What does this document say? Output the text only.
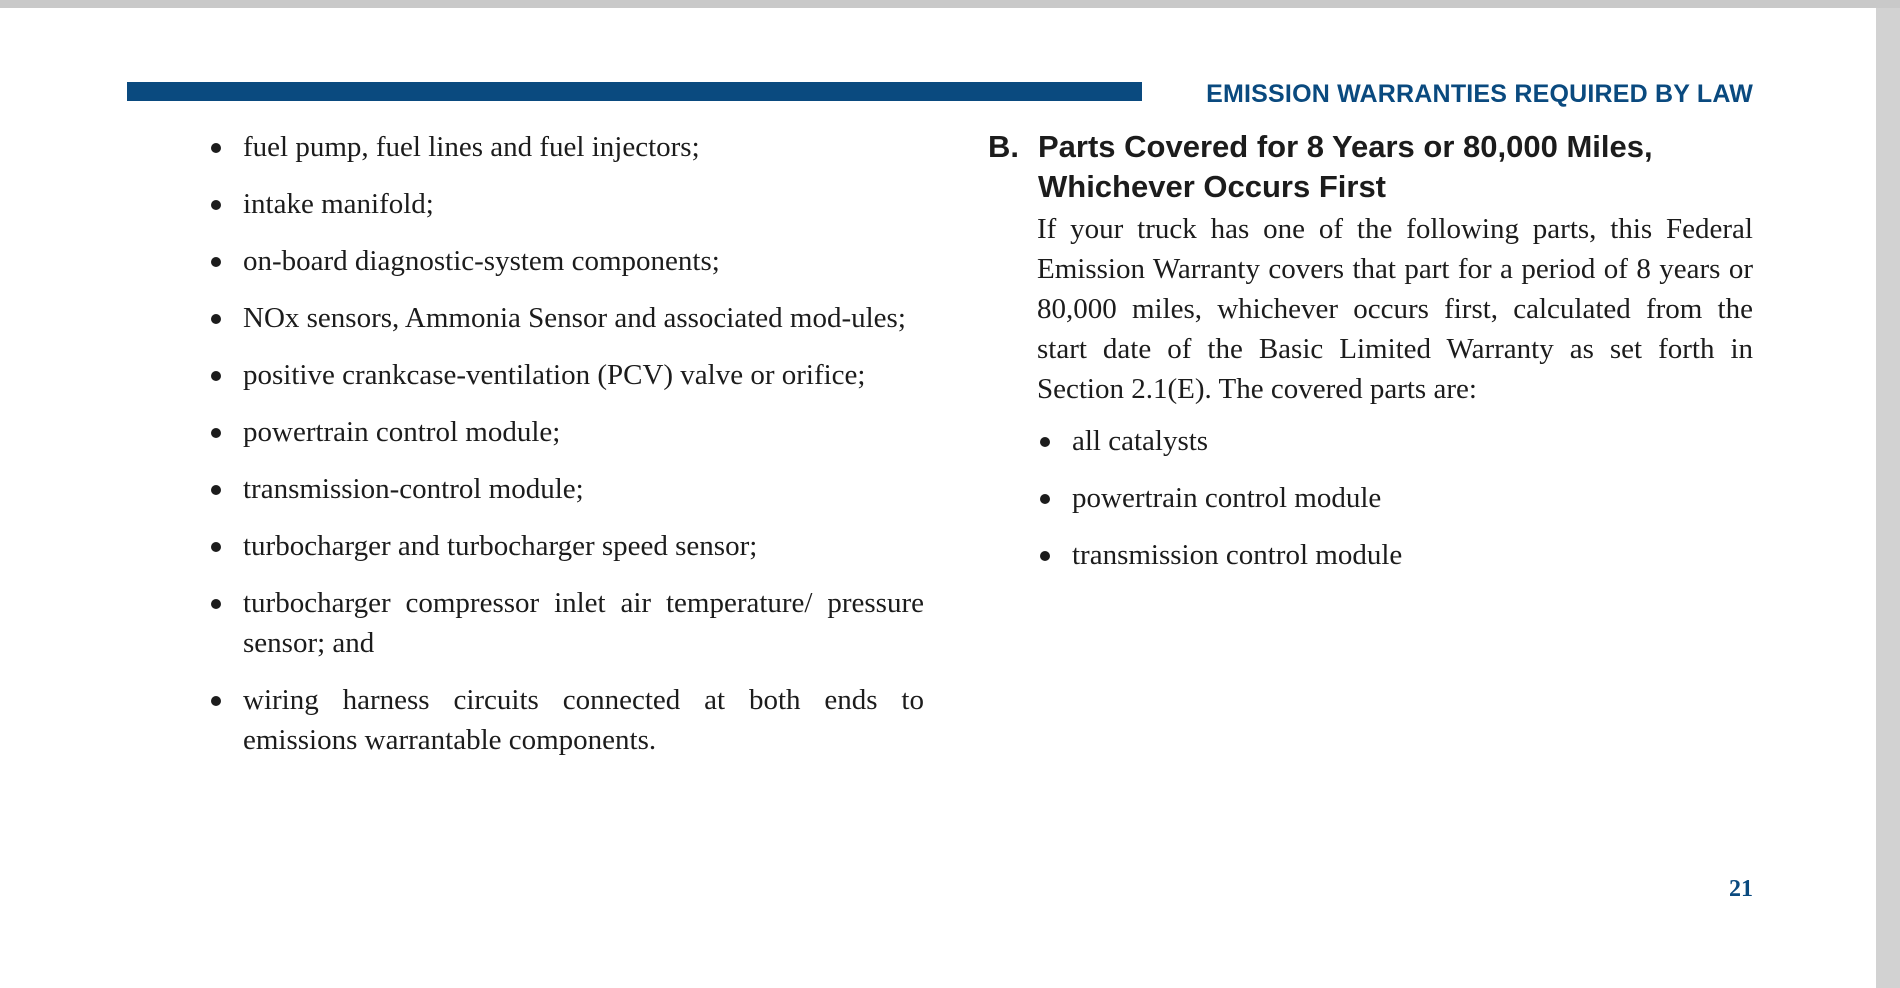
EMISSION WARRANTIES REQUIRED BY LAW
fuel pump, fuel lines and fuel injectors;
intake manifold;
on-board diagnostic-system components;
NOx sensors, Ammonia Sensor and associated mod-ules;
positive crankcase-ventilation (PCV) valve or orifice;
powertrain control module;
transmission-control module;
turbocharger and turbocharger speed sensor;
turbocharger compressor inlet air temperature/ pressure sensor; and
wiring harness circuits connected at both ends to emissions warrantable components.
B. Parts Covered for 8 Years or 80,000 Miles, Whichever Occurs First

If your truck has one of the following parts, this Federal Emission Warranty covers that part for a period of 8 years or 80,000 miles, whichever occurs first, calculated from the start date of the Basic Limited Warranty as set forth in Section 2.1(E). The covered parts are:

all catalysts
powertrain control module
transmission control module
21
